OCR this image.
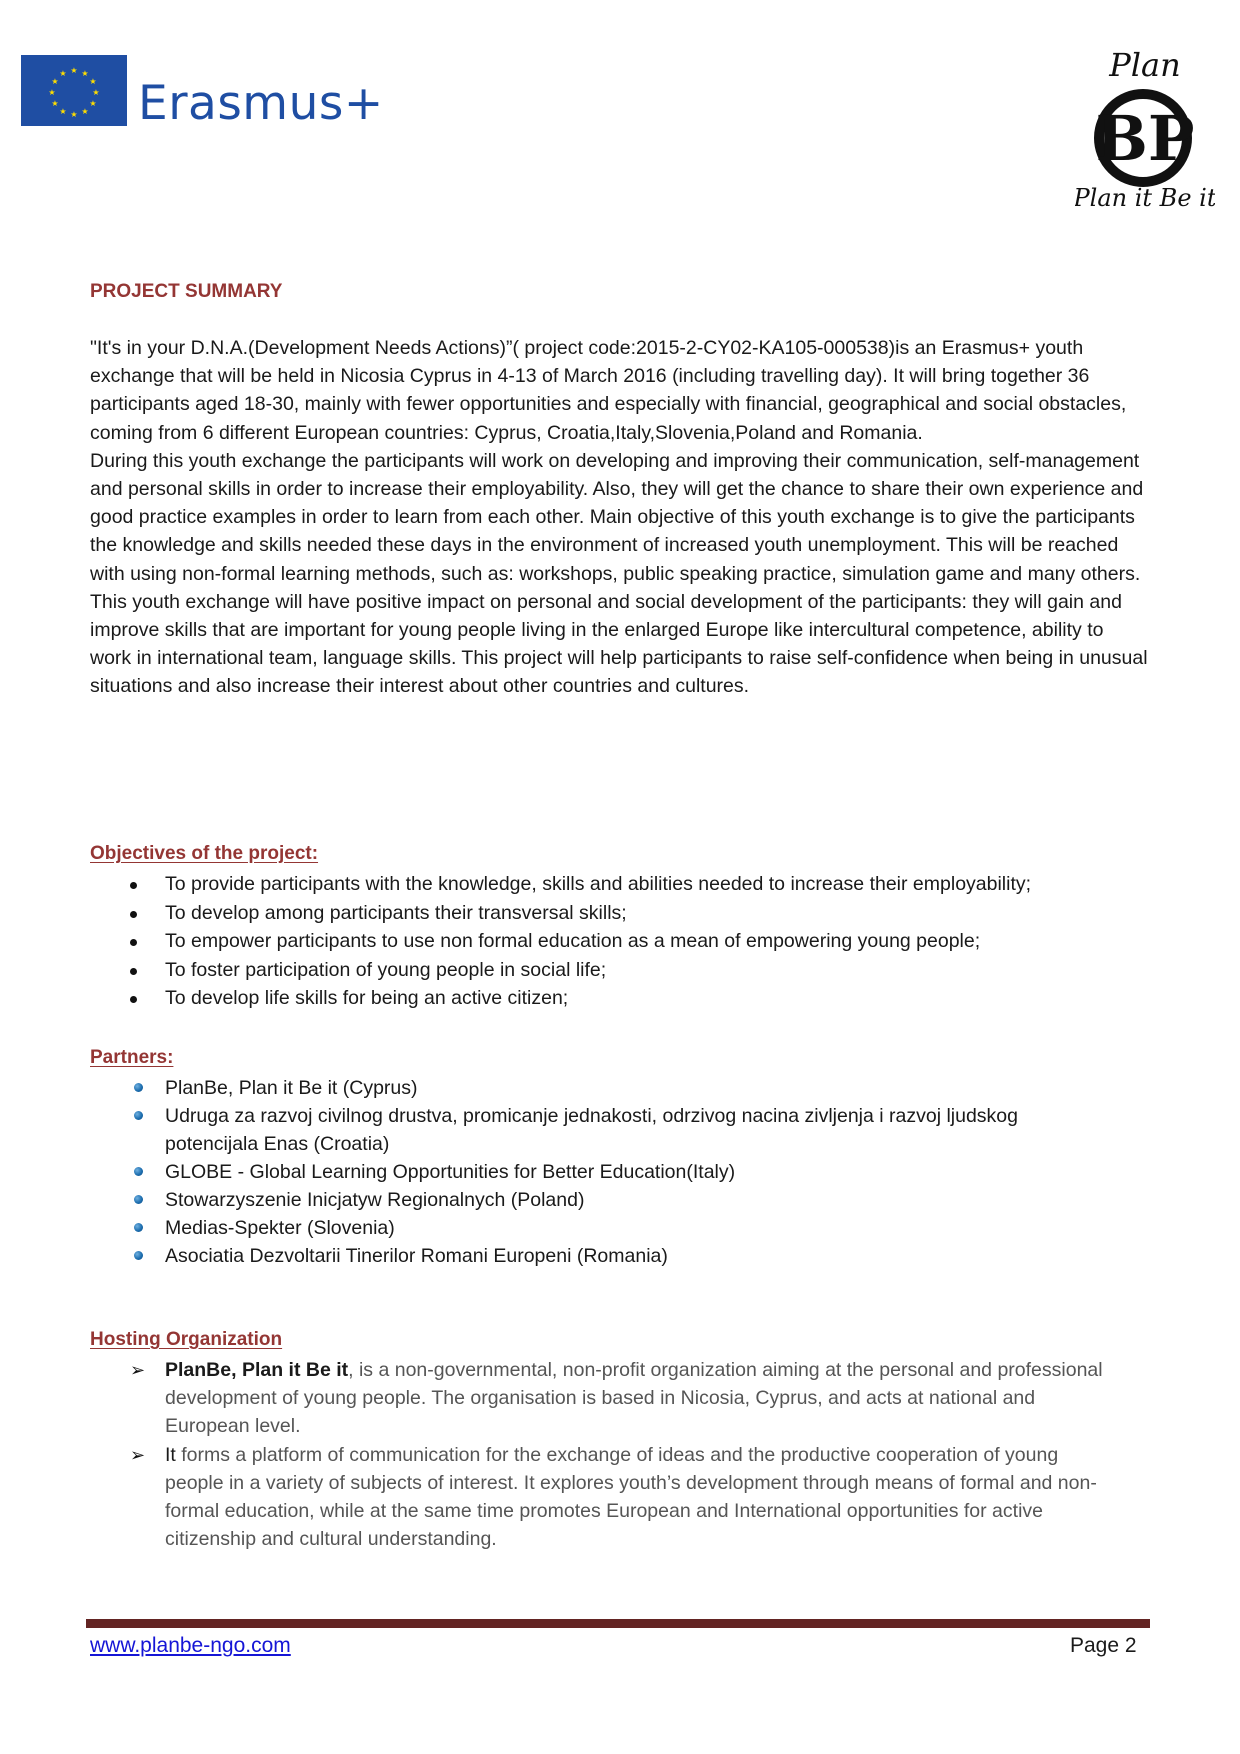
★ ★
★
★
★
★
★
★
★
★
★
★
Erasmus+
Plan
BP
Plan it Be it
PROJECT SUMMARY

"It's in your D.N.A.(Development Needs Actions)”( project code:2015-2-CY02-KA105-000538)is an Erasmus+ youth exchange that will be held in Nicosia Cyprus in 4-13 of March 2016 (including travelling day). It will bring together 36 participants aged 18-30, mainly with fewer opportunities and especially with financial, geographical and social obstacles, coming from 6 different European countries: Cyprus, Croatia,Italy,Slovenia,Poland and Romania.

During this youth exchange the participants will work on developing and improving their communication, self-management and personal skills in order to increase their employability. Also, they will get the chance to share their own experience and good practice examples in order to learn from each other. Main objective of this youth exchange is to give the participants the knowledge and skills needed these days in the environment of increased youth unemployment. This will be reached with using non-formal learning methods, such as: workshops, public speaking practice, simulation game and many others.

This youth exchange will have positive impact on personal and social development of the participants: they will gain and improve skills that are important for young people living in the enlarged Europe like intercultural competence, ability to work in international team, language skills. This project will help participants to raise self-confidence when being in unusual situations and also increase their interest about other countries and cultures.

Objectives of the project:
To provide participants with the knowledge, skills and abilities needed to increase their employability;
To develop among participants their transversal skills;
To empower participants to use non formal education as a mean of empowering young people;
To foster participation of young people in social life;
To develop life skills for being an active citizen;
Partners:
PlanBe, Plan it Be it (Cyprus)
Udruga za razvoj civilnog drustva, promicanje jednakosti, odrzivog nacina zivljenja i razvoj ljudskog potencijala Enas (Croatia)
GLOBE - Global Learning Opportunities for Better Education(Italy)
Stowarzyszenie Inicjatyw Regionalnych (Poland)
Medias-Spekter (Slovenia)
Asociatia Dezvoltarii Tinerilor Romani Europeni (Romania)
Hosting Organization
➢ PlanBe, Plan it Be it, is a non-governmental, non-profit organization aiming at the personal and professional development of young people. The organisation is based in Nicosia, Cyprus, and acts at national and European level.
➢ It forms a platform of communication for the exchange of ideas and the productive cooperation of young people in a variety of subjects of interest. It explores youth’s development through means of formal and non-formal education, while at the same time promotes European and International opportunities for active citizenship and cultural understanding.
www.planbe-ngo.com	Page 2
